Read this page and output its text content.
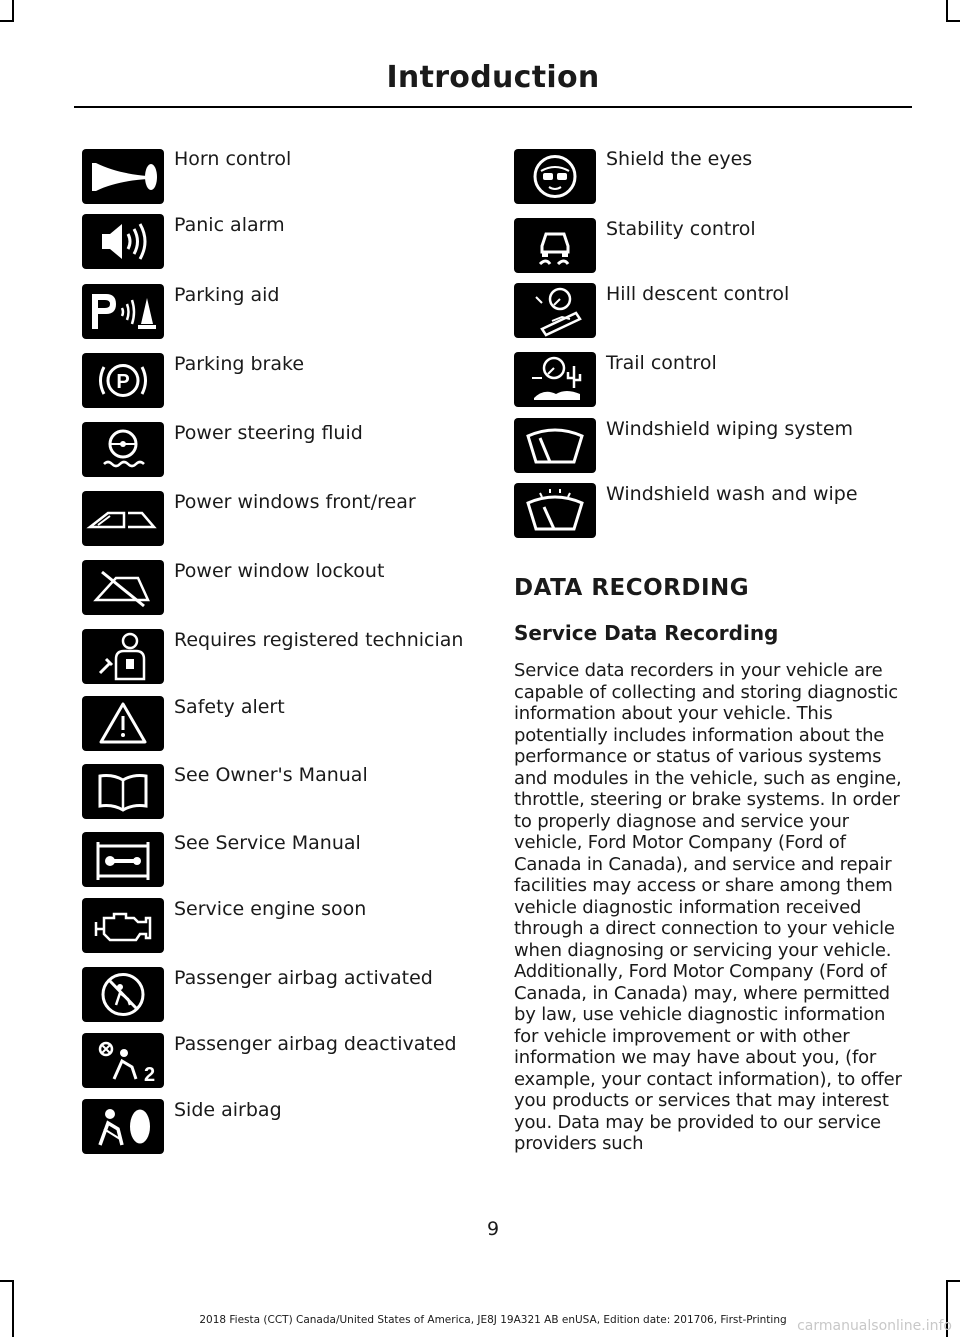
Introduction
Horn control
Panic alarm
Parking aid
P
Parking brake
Power steering fluid
Power windows front/rear
Power window lockout
Requires registered technician
Safety alert
See Owner's Manual
See Service Manual
Service engine soon
Passenger airbag activated
2
Passenger airbag deactivated
Side airbag
Shield the eyes
Stability control
Hill descent control
Trail control
Windshield wiping system
Windshield wash and wipe
DATA RECORDING
Service Data Recording
Service data recorders in your vehicle are capable of collecting and storing diagnostic information about your vehicle. This potentially includes information about the performance or status of various systems and modules in the vehicle, such as engine, throttle, steering or brake systems. In order to properly diagnose and service your vehicle, Ford Motor Company (Ford of Canada in Canada), and service and repair facilities may access or share among them vehicle diagnostic information received through a direct connection to your vehicle when diagnosing or servicing your vehicle. Additionally, Ford Motor Company (Ford of Canada, in Canada) may, where permitted by law, use vehicle diagnostic information for vehicle improvement or with other information we may have about you, (for example, your contact information), to offer you products or services that may interest you. Data may be provided to our service providers such
9
2018 Fiesta (CCT) Canada/United States of America, JE8J 19A321 AB enUSA, Edition date: 201706, First-Printing carmanualsonline.info
